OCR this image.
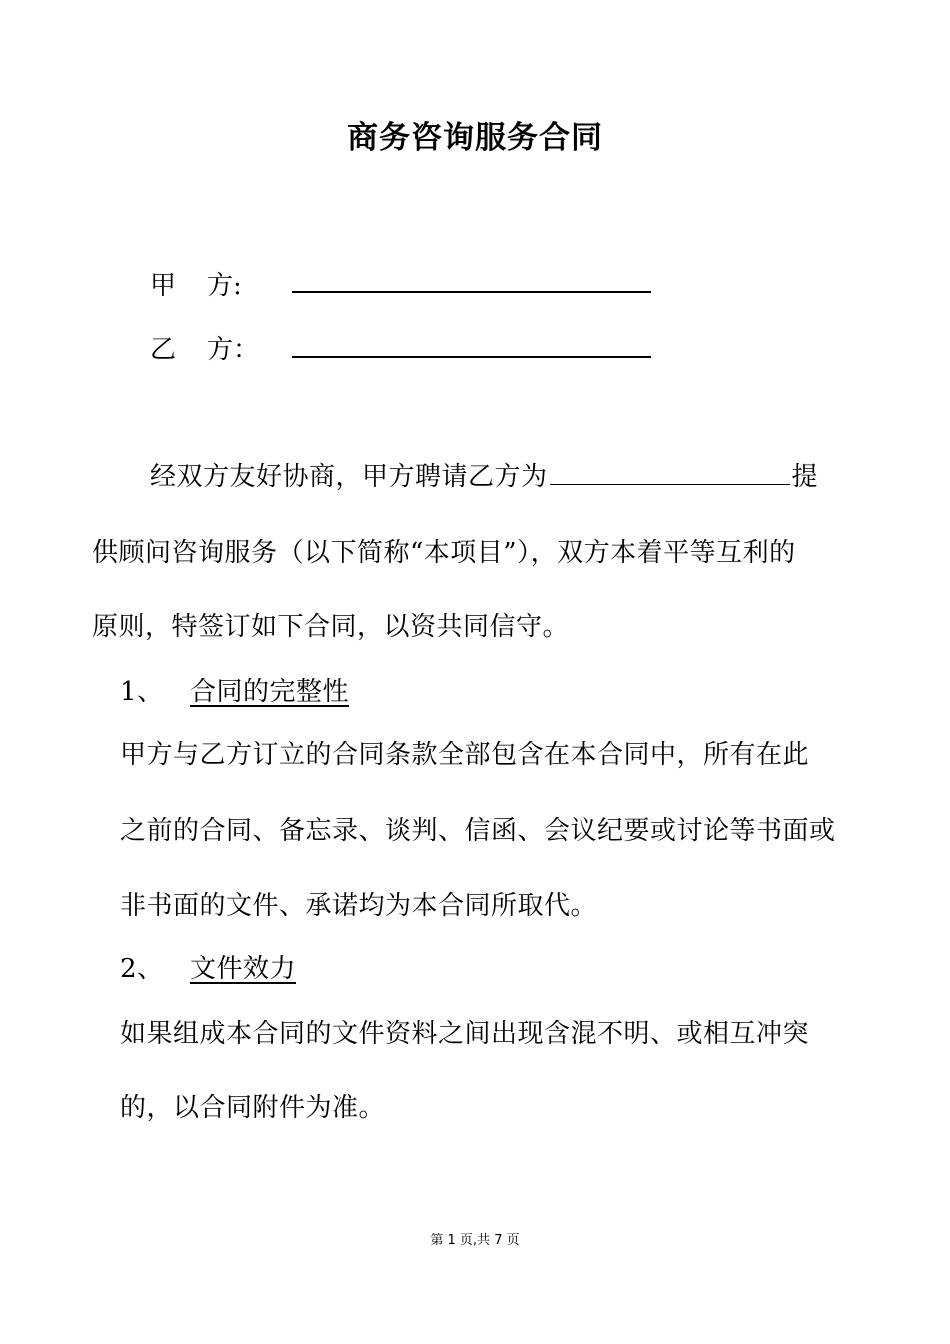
商务咨询服务合同
甲 方:
乙 方：
经双方友好协商，甲方聘请乙方为	提
供顾问咨询服务（以下简称“本项目”），双方本着平等互利的
原则，特签订如下合同，以资共同信守。
1、 合同的完整性
甲方与乙方订立的合同条款全部包含在本合同中，所有在此
之前的合同、备忘录、谈判、信函、会议纪要或讨论等书面或
非书面的文件、承诺均为本合同所取代。
2、 文件效力
如果组成本合同的文件资料之间出现含混不明、或相互冲突
的，以合同附件为准。
第 1 页,共 7 页
